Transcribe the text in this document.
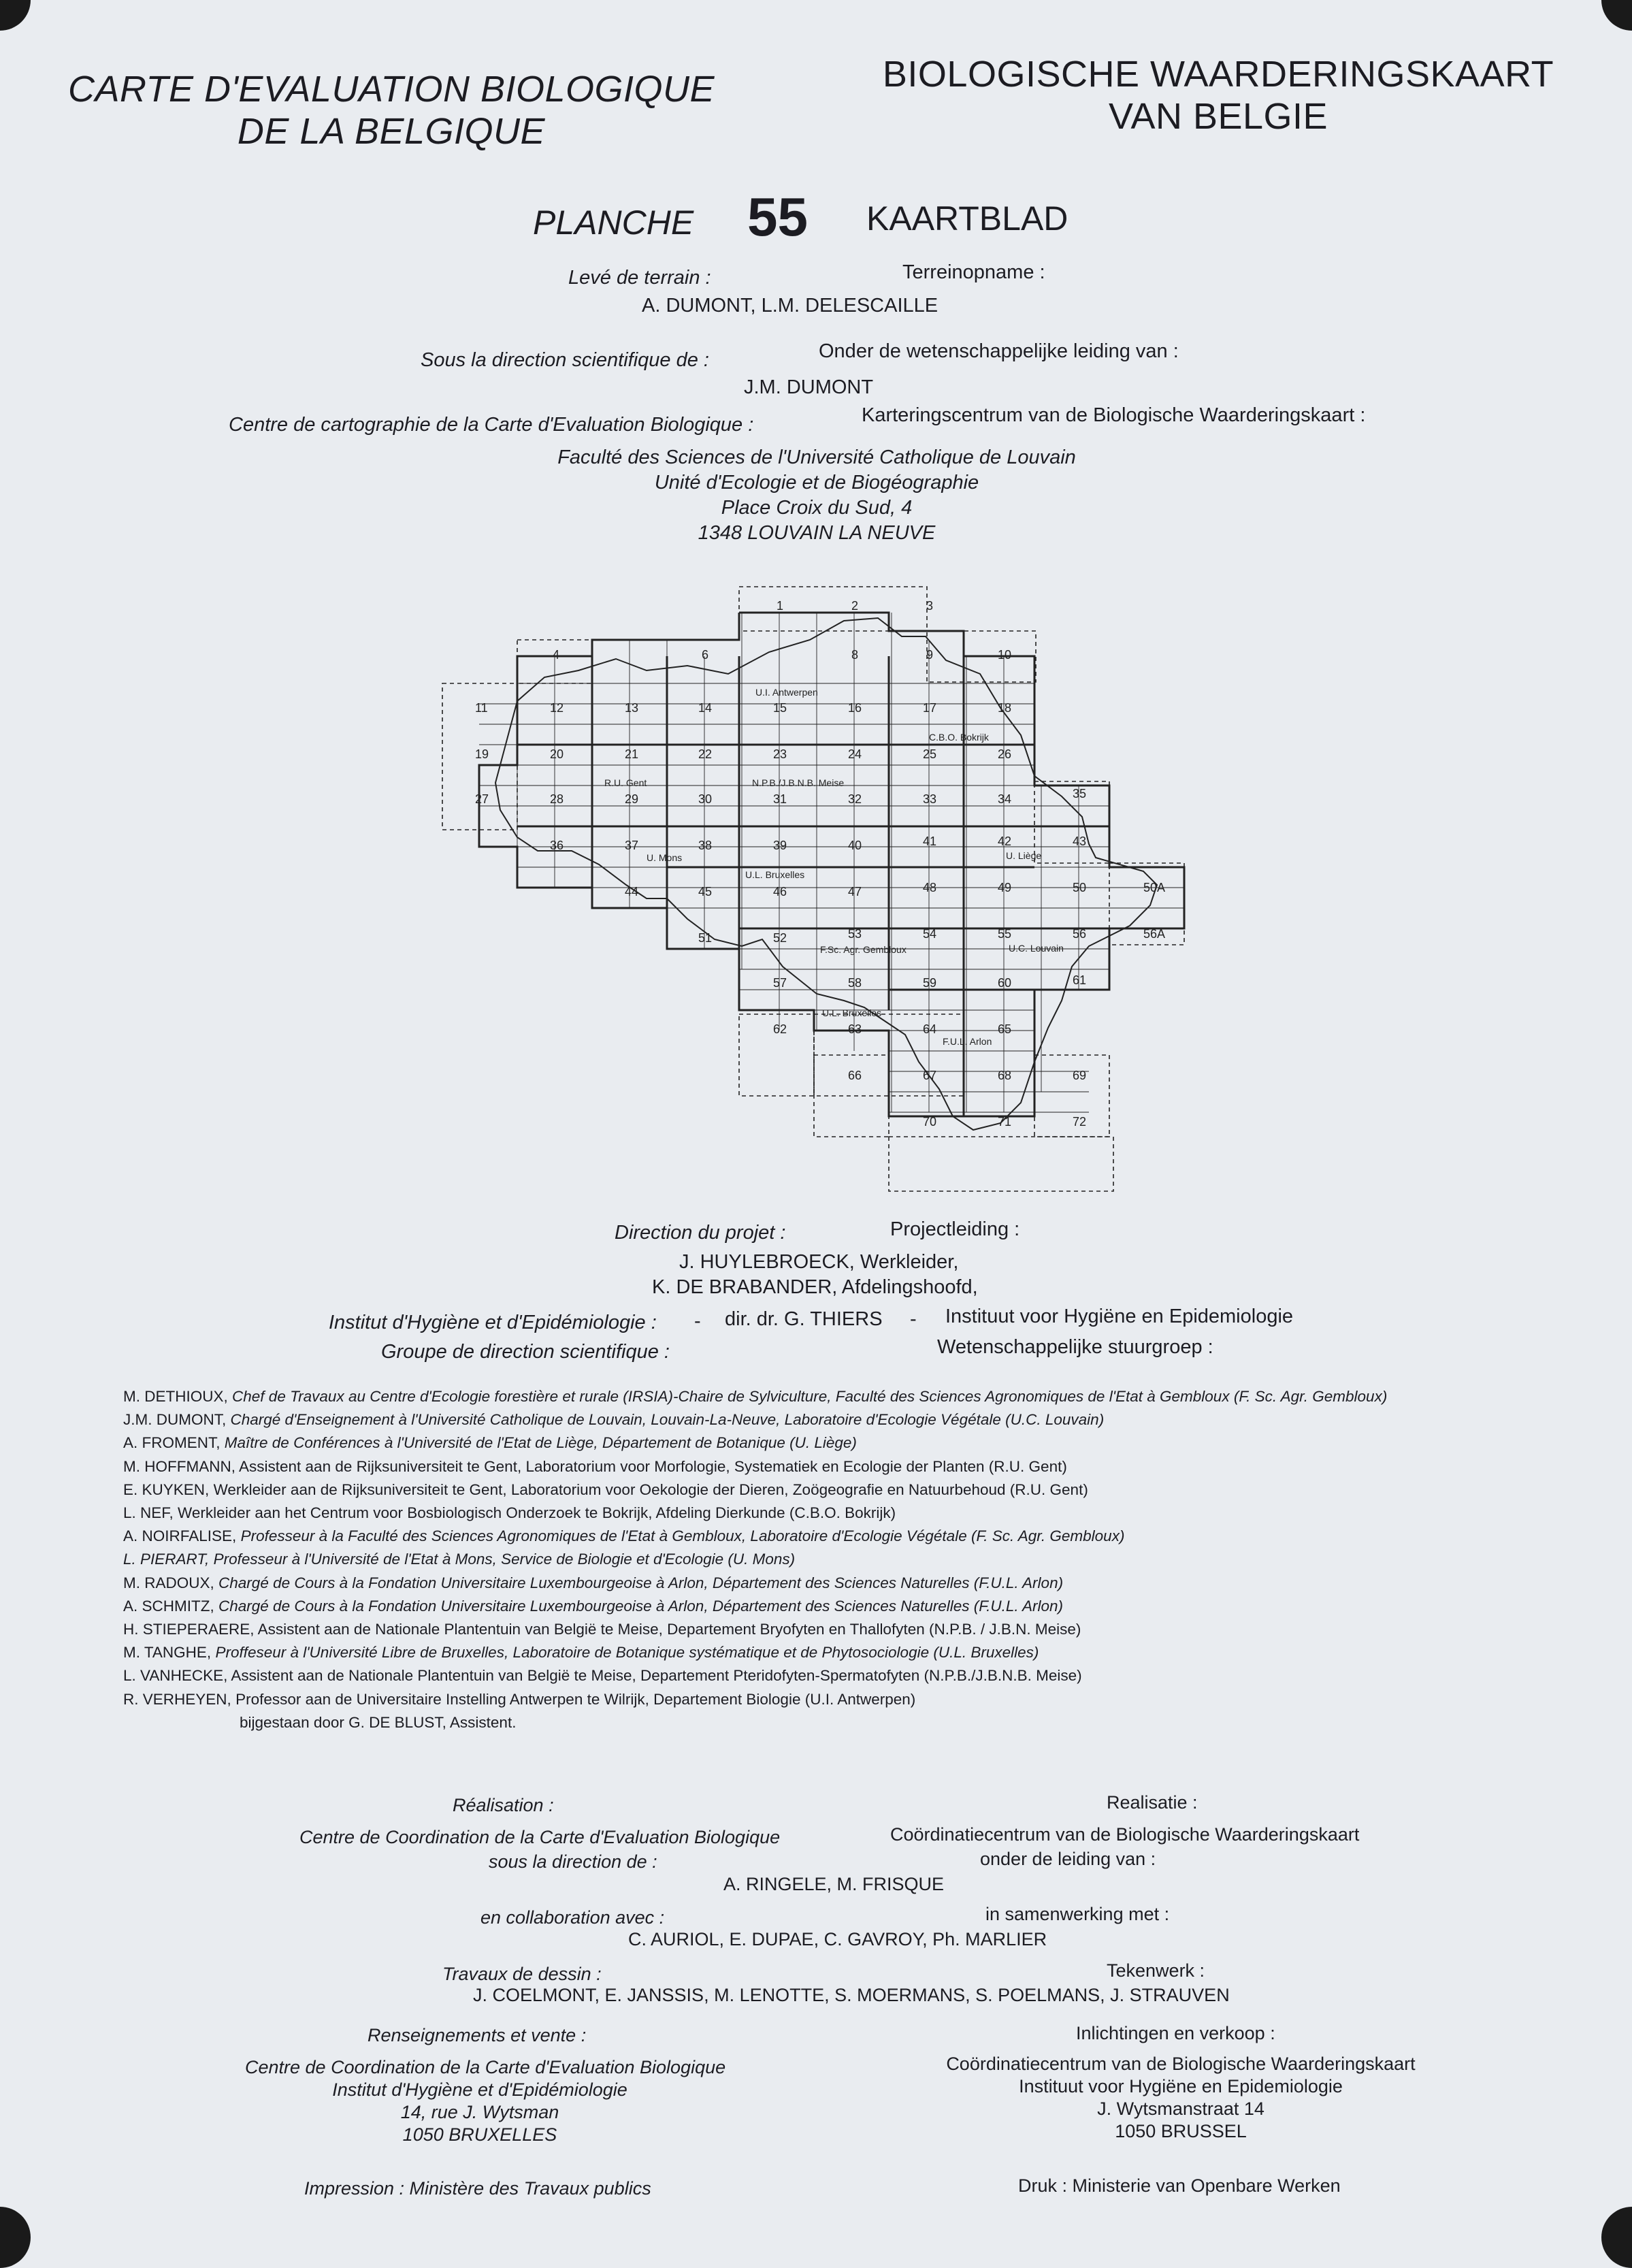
CARTE D'EVALUATION BIOLOGIQUE
DE LA BELGIQUE
BIOLOGISCHE WAARDERINGSKAART
VAN BELGIE
PLANCHE 55 KAARTBLAD
Levé de terrain :	Terreinopname :
A. DUMONT, L.M. DELESCAILLE
Sous la direction scientifique de :	Onder de wetenschappelijke leiding van :
J.M. DUMONT
Centre de cartographie de la Carte d'Evaluation Biologique :	Karteringscentrum van de Biologische Waarderingskaart :
Faculté des Sciences de l'Université Catholique de Louvain
Unité d'Ecologie et de Biogéographie
Place Croix du Sud, 4
1348 LOUVAIN LA NEUVE
1	2	3
4	6	8	9	10
11	12	13	14	15	16	17	18
19	20	21	22	23	24	25	26
27	28	29	30	31	32	33	34	35
36	37	38	39	40	41	42	43
44	45	46	47	48	49	50	50A
51	52	53	54	55	56	56A
57	58	59	60	61
62	63	64	65
66	67	68	69
70	71	72
U.I. Antwerpen
C.B.O. Bokrijk
R.U. Gent	N.P.B./J.B.N.B. Meise
U. Mons
U.L. Bruxelles
U. Liège
F.Sc. Agr. Gembloux	U.C. Louvain
U.L. Bruxelles
F.U.L. Arlon
Direction du projet :	Projectleiding :
J. HUYLEBROECK, Werkleider,
K. DE BRABANDER, Afdelingshoofd,
Institut d'Hygiène et d'Epidémiologie : - dir. dr. G. THIERS - Instituut voor Hygiëne en Epidemiologie
Groupe de direction scientifique :	Wetenschappelijke stuurgroep :
M. DETHIOUX, Chef de Travaux au Centre d'Ecologie forestière et rurale (IRSIA)-Chaire de Sylviculture, Faculté des Sciences Agronomiques de l'Etat à Gembloux (F. Sc. Agr. Gembloux)
J.M. DUMONT, Chargé d'Enseignement à l'Université Catholique de Louvain, Louvain-La-Neuve, Laboratoire d'Ecologie Végétale (U.C. Louvain)
A. FROMENT, Maître de Conférences à l'Université de l'Etat de Liège, Département de Botanique (U. Liège)
M. HOFFMANN, Assistent aan de Rijksuniversiteit te Gent, Laboratorium voor Morfologie, Systematiek en Ecologie der Planten (R.U. Gent)
E. KUYKEN, Werkleider aan de Rijksuniversiteit te Gent, Laboratorium voor Oekologie der Dieren, Zoögeografie en Natuurbehoud (R.U. Gent)
L. NEF, Werkleider aan het Centrum voor Bosbiologisch Onderzoek te Bokrijk, Afdeling Dierkunde (C.B.O. Bokrijk)
A. NOIRFALISE, Professeur à la Faculté des Sciences Agronomiques de l'Etat à Gembloux, Laboratoire d'Ecologie Végétale (F. Sc. Agr. Gembloux)
L. PIERART, Professeur à l'Université de l'Etat à Mons, Service de Biologie et d'Ecologie (U. Mons)
M. RADOUX, Chargé de Cours à la Fondation Universitaire Luxembourgeoise à Arlon, Département des Sciences Naturelles (F.U.L. Arlon)
A. SCHMITZ, Chargé de Cours à la Fondation Universitaire Luxembourgeoise à Arlon, Département des Sciences Naturelles (F.U.L. Arlon)
H. STIEPERAERE, Assistent aan de Nationale Plantentuin van België te Meise, Departement Bryofyten en Thallofyten (N.P.B. / J.B.N. Meise)
M. TANGHE, Proffeseur à l'Université Libre de Bruxelles, Laboratoire de Botanique systématique et de Phytosociologie (U.L. Bruxelles)
L. VANHECKE, Assistent aan de Nationale Plantentuin van België te Meise, Departement Pteridofyten-Spermatofyten (N.P.B./J.B.N.B. Meise)
R. VERHEYEN, Professor aan de Universitaire Instelling Antwerpen te Wilrijk, Departement Biologie (U.I. Antwerpen)
bijgestaan door G. DE BLUST, Assistent.
Réalisation :	Realisatie :
Centre de Coordination de la Carte d'Evaluation Biologique	Coördinatiecentrum van de Biologische Waarderingskaart
sous la direction de :	onder de leiding van :
A. RINGELE, M. FRISQUE
en collaboration avec :	in samenwerking met :
C. AURIOL, E. DUPAE, C. GAVROY, Ph. MARLIER
Travaux de dessin :	Tekenwerk :
J. COELMONT, E. JANSSIS, M. LENOTTE, S. MOERMANS, S. POELMANS, J. STRAUVEN
Renseignements et vente :	Inlichtingen en verkoop :
Centre de Coordination de la Carte d'Evaluation Biologique
Institut d'Hygiène et d'Epidémiologie
14, rue J. Wytsman
1050 BRUXELLES
Coördinatiecentrum van de Biologische Waarderingskaart
Instituut voor Hygiëne en Epidemiologie
J. Wytsmanstraat 14
1050 BRUSSEL
Impression : Ministère des Travaux publics	Druk : Ministerie van Openbare Werken
